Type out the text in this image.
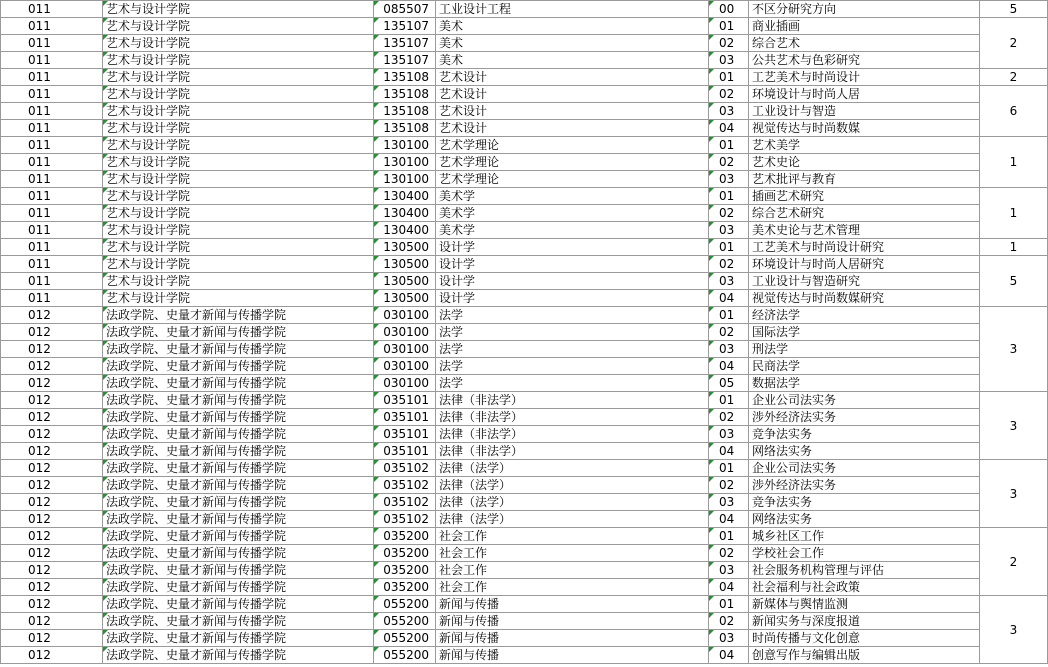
011	艺术与设计学院	085507	工业设计工程	00	不区分研究方向	5
011	艺术与设计学院	135107	美术	01	商业插画	2
011	艺术与设计学院	135107	美术	02	综合艺术	
011	艺术与设计学院	135107	美术	03	公共艺术与色彩研究	
011	艺术与设计学院	135108	艺术设计	01	工艺美术与时尚设计	2
011	艺术与设计学院	135108	艺术设计	02	环境设计与时尚人居	6
011	艺术与设计学院	135108	艺术设计	03	工业设计与智造	
011	艺术与设计学院	135108	艺术设计	04	视觉传达与时尚数媒	
011	艺术与设计学院	130100	艺术学理论	01	艺术美学	1
011	艺术与设计学院	130100	艺术学理论	02	艺术史论	
011	艺术与设计学院	130100	艺术学理论	03	艺术批评与教育	
011	艺术与设计学院	130400	美术学	01	插画艺术研究	1
011	艺术与设计学院	130400	美术学	02	综合艺术研究	
011	艺术与设计学院	130400	美术学	03	美术史论与艺术管理	
011	艺术与设计学院	130500	设计学	01	工艺美术与时尚设计研究	1
011	艺术与设计学院	130500	设计学	02	环境设计与时尚人居研究	5
011	艺术与设计学院	130500	设计学	03	工业设计与智造研究	
011	艺术与设计学院	130500	设计学	04	视觉传达与时尚数媒研究	
012	法政学院、史量才新闻与传播学院	030100	法学	01	经济法学	3
012	法政学院、史量才新闻与传播学院	030100	法学	02	国际法学	
012	法政学院、史量才新闻与传播学院	030100	法学	03	刑法学	
012	法政学院、史量才新闻与传播学院	030100	法学	04	民商法学	
012	法政学院、史量才新闻与传播学院	030100	法学	05	数据法学	
012	法政学院、史量才新闻与传播学院	035101	法律（非法学）	01	企业公司法实务	3
012	法政学院、史量才新闻与传播学院	035101	法律（非法学）	02	涉外经济法实务	
012	法政学院、史量才新闻与传播学院	035101	法律（非法学）	03	竞争法实务	
012	法政学院、史量才新闻与传播学院	035101	法律（非法学）	04	网络法实务	
012	法政学院、史量才新闻与传播学院	035102	法律（法学）	01	企业公司法实务	3
012	法政学院、史量才新闻与传播学院	035102	法律（法学）	02	涉外经济法实务	
012	法政学院、史量才新闻与传播学院	035102	法律（法学）	03	竞争法实务	
012	法政学院、史量才新闻与传播学院	035102	法律（法学）	04	网络法实务	
012	法政学院、史量才新闻与传播学院	035200	社会工作	01	城乡社区工作	2
012	法政学院、史量才新闻与传播学院	035200	社会工作	02	学校社会工作	
012	法政学院、史量才新闻与传播学院	035200	社会工作	03	社会服务机构管理与评估	
012	法政学院、史量才新闻与传播学院	035200	社会工作	04	社会福利与社会政策	
012	法政学院、史量才新闻与传播学院	055200	新闻与传播	01	新媒体与舆情监测	3
012	法政学院、史量才新闻与传播学院	055200	新闻与传播	02	新闻实务与深度报道	
012	法政学院、史量才新闻与传播学院	055200	新闻与传播	03	时尚传播与文化创意	
012	法政学院、史量才新闻与传播学院	055200	新闻与传播	04	创意写作与编辑出版	
